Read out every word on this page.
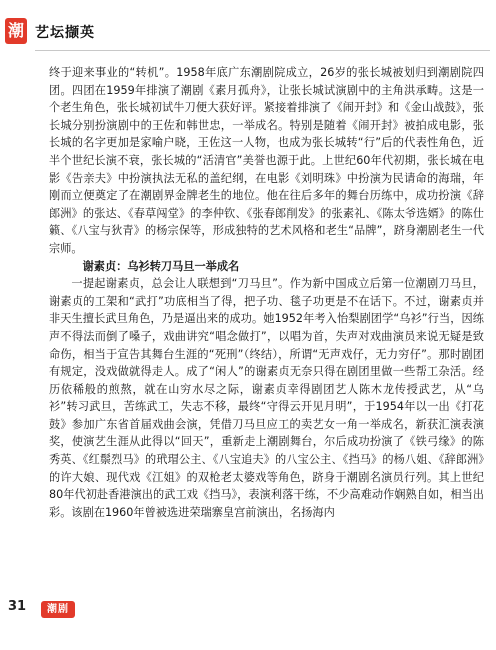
潮 艺坛撷英

终于迎来事业的“转机”。1958年底广东潮剧院成立，26岁的张长城被划归到潮剧院四团。四团在1959年排演了潮剧《素月孤舟》，让张长城试演剧中的主角洪承畴。这是一个老生角色，张长城初试牛刀便大获好评。紧接着排演了《闹开封》和《金山战鼓》，张长城分别扮演剧中的王佐和韩世忠，一举成名。特别是随着《闹开封》被拍成电影，张长城的名字更加是家喻户晓，王佐这一人物，也成为张长城转“行”后的代表性角色，近半个世纪长演不衰，张长城的“活清官”美誉也源于此。上世纪60年代初期，张长城在电影《告亲夫》中扮演执法无私的盖纪纲，在电影《刘明珠》中扮演为民请命的海瑞，年刚而立便奠定了在潮剧界金牌老生的地位。他在往后多年的舞台历练中，成功扮演《辞郎洲》的张达、《春草闯堂》的李仲钦、《张春郎削发》的张素礼、《陈太爷选婿》的陈仕籁、《八宝与狄青》的杨宗保等，形成独特的艺术风格和老生“品牌”，跻身潮剧老生一代宗师。

谢素贞：乌衫转刀马旦一举成名

一提起谢素贞，总会让人联想到“刀马旦”。作为新中国成立后第一位潮剧刀马旦，谢素贞的工架和“武打”功底相当了得，把子功、毯子功更是不在话下。不过，谢素贞并非天生擅长武旦角色，乃是逼出来的成功。她1952年考入怡梨剧团学“乌衫”行当，因练声不得法而倒了嗓子，戏曲讲究“唱念做打”，以唱为首，失声对戏曲演员来说无疑是致命伤，相当于宣告其舞台生涯的“死刑”（终结），所谓“无声戏仔，无力穷仔”。那时剧团有规定，没戏做就得走人。成了“闲人”的谢素贞无奈只得在剧团里做一些帮工杂活。经历依稀般的煎熬，就在山穷水尽之际，谢素贞幸得剧团艺人陈木龙传授武艺，从“乌衫”转习武旦，苦练武工，失志不移，最终“守得云开见月明”，于1954年以一出《打花鼓》参加广东省首届戏曲会演，凭借刀马旦应工的卖艺女一角一举成名，新获汇演表演奖，使演艺生涯从此得以“回天”，重新走上潮剧舞台，尔后成功扮演了《铁弓缘》的陈秀英、《红鬃烈马》的玳瑁公主、《八宝追夫》的八宝公主、《挡马》的杨八姐、《辞郎洲》的许大娘、现代戏《江姐》的双枪老太婆戏等角色，跻身于潮剧名演员行列。其上世纪80年代初赴香港演出的武工戏《挡马》，表演利落干练，不少高难动作娴熟自如，相当出彩。该剧在1960年曾被选进荣瑞寨皇宫前演出，名扬海内

31	潮剧
